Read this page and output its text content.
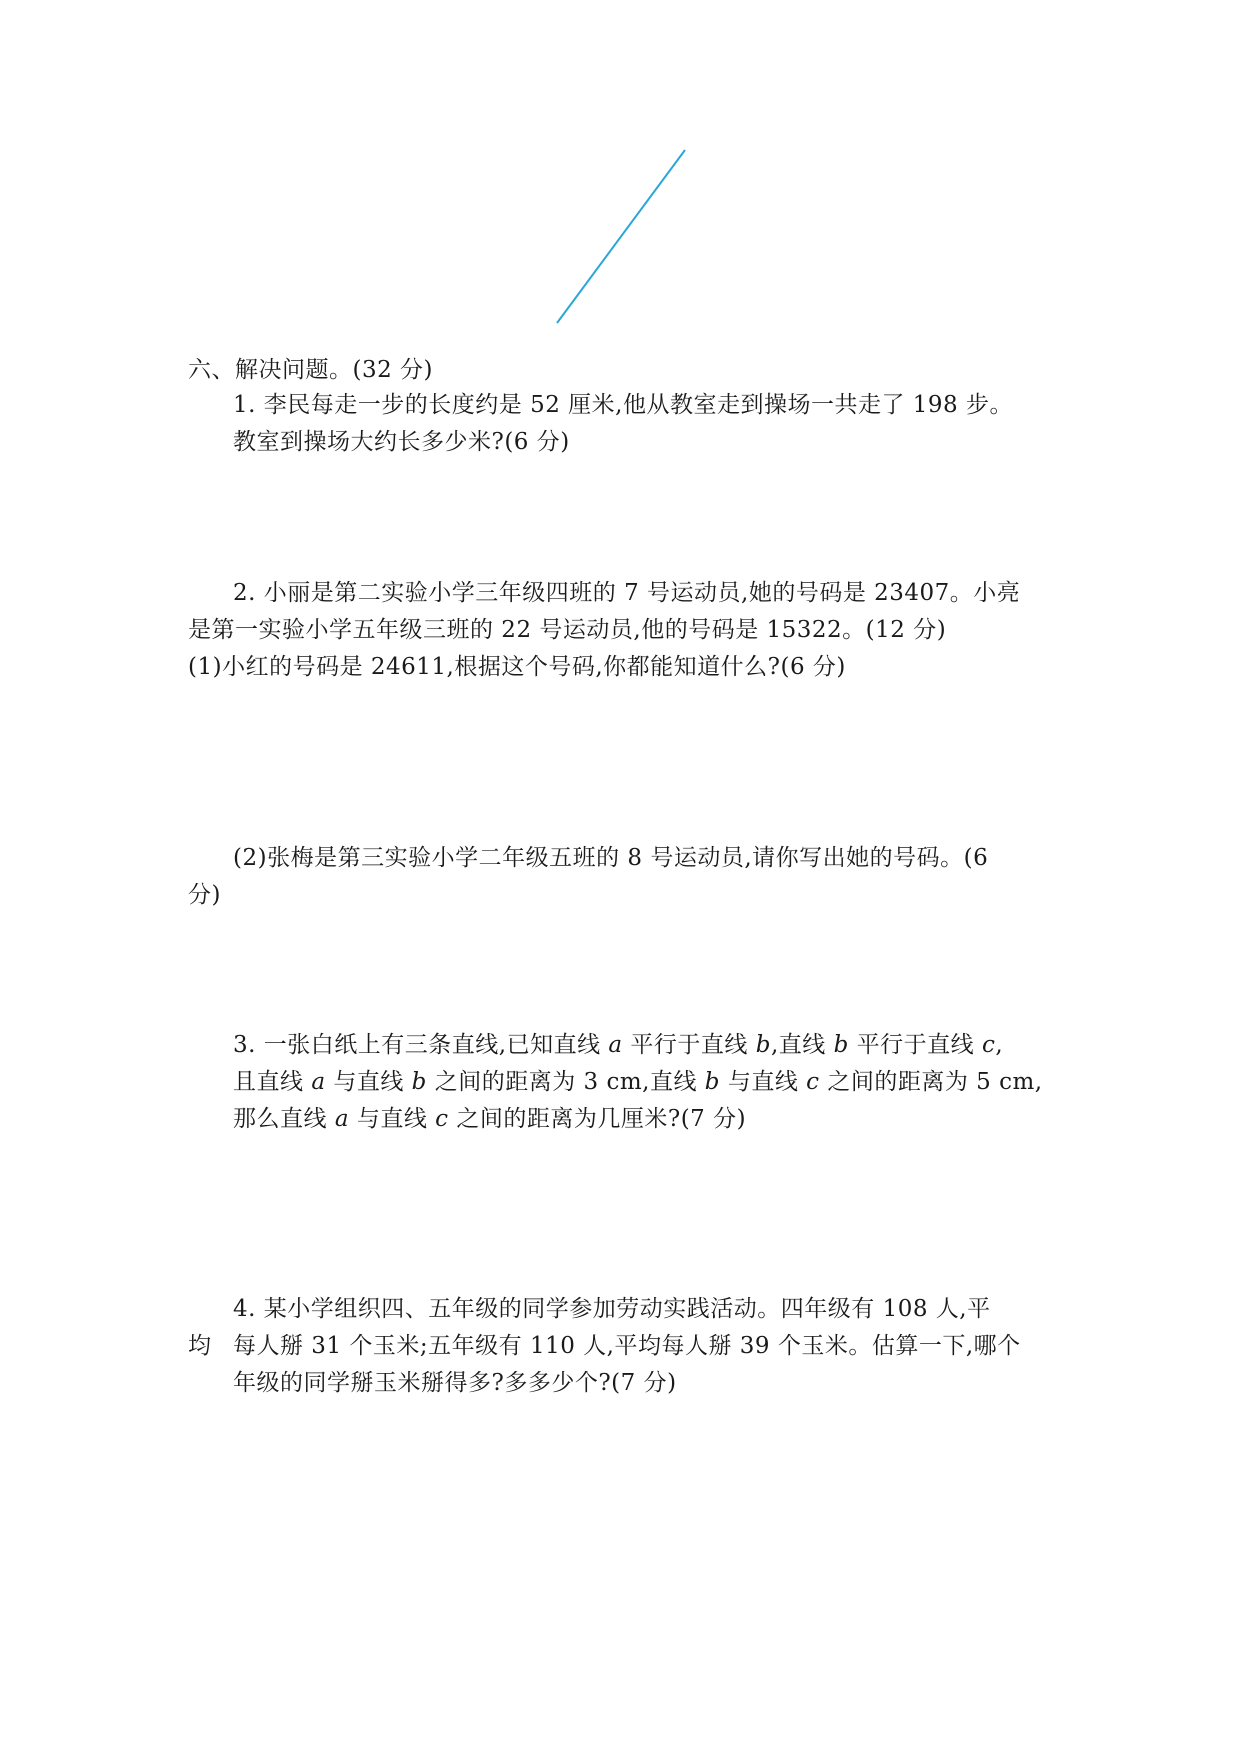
六、解决问题。(32 分)
1. 李民每走一步的长度约是 52 厘米,他从教室走到操场一共走了 198 步。
教室到操场大约长多少米?(6 分)
2. 小丽是第二实验小学三年级四班的 7 号运动员,她的号码是 23407。小亮
是第一实验小学五年级三班的 22 号运动员,他的号码是 15322。(12 分)
(1)小红的号码是 24611,根据这个号码,你都能知道什么?(6 分)
(2)张梅是第三实验小学二年级五班的 8 号运动员,请你写出她的号码。(6
分)
3. 一张白纸上有三条直线,已知直线 a 平行于直线 b,直线 b 平行于直线 c,
且直线 a 与直线 b 之间的距离为 3 cm,直线 b 与直线 c 之间的距离为 5 cm,
那么直线 a 与直线 c 之间的距离为几厘米?(7 分)
4. 某小学组织四、五年级的同学参加劳动实践活动。四年级有 108 人,平
均 每人掰 31 个玉米;五年级有 110 人,平均每人掰 39 个玉米。估算一下,哪个
年级的同学掰玉米掰得多?多多少个?(7 分)
